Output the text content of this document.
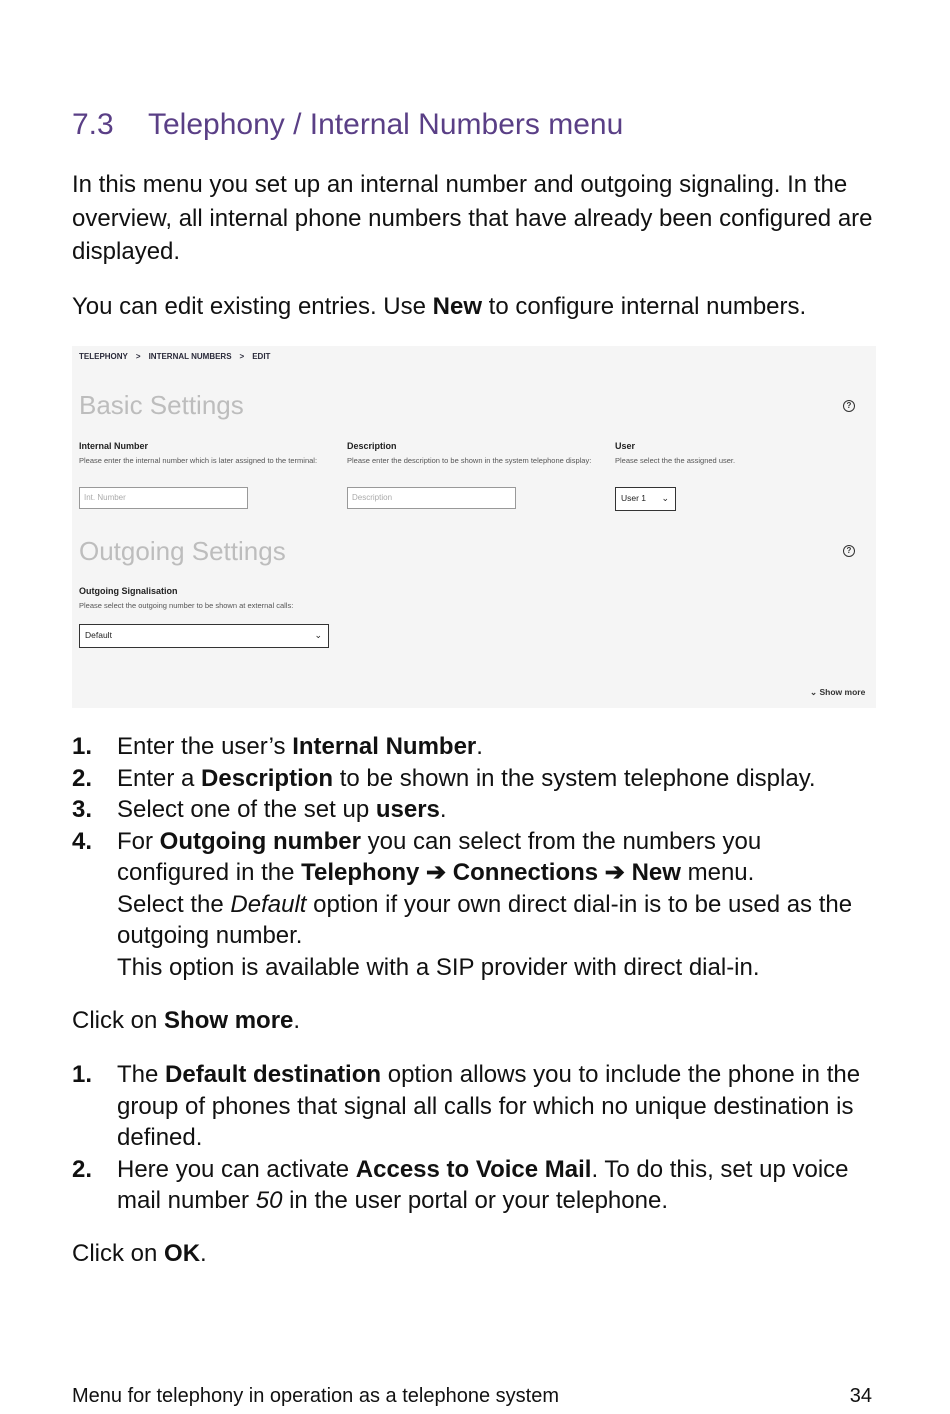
7.3 Telephony / Internal Numbers menu
In this menu you set up an internal number and outgoing signaling. In the overview, all internal phone numbers that have already been configured are displayed.
You can edit existing entries. Use New to configure internal numbers.
TELEPHONY > INTERNAL NUMBERS > EDIT
Basic Settings	?
Internal Number
Please enter the internal number which is later assigned to the terminal:
Int. Number
Description
Please enter the description to be shown in the system telephone display:
Description
User
Please select the the assigned user.
User 1 ⌄
Outgoing Settings	?
Outgoing Signalisation
Please select the outgoing number to be shown at external calls:
Default	⌄
⌄ Show more
1. Enter the user’s Internal Number.
2. Enter a Description to be shown in the system telephone display.
3. Select one of the set up users.
4. For Outgoing number you can select from the numbers you configured in the Telephony ➔ Connections ➔ New menu.
Select the Default option if your own direct dial-in is to be used as the outgoing number.
This option is available with a SIP provider with direct dial-in.
Click on Show more.
1. The Default destination option allows you to include the phone in the group of phones that signal all calls for which no unique destination is defined.
2. Here you can activate Access to Voice Mail. To do this, set up voice mail number 50 in the user portal or your telephone.
Click on OK.
Menu for telephony in operation as a telephone system	34
